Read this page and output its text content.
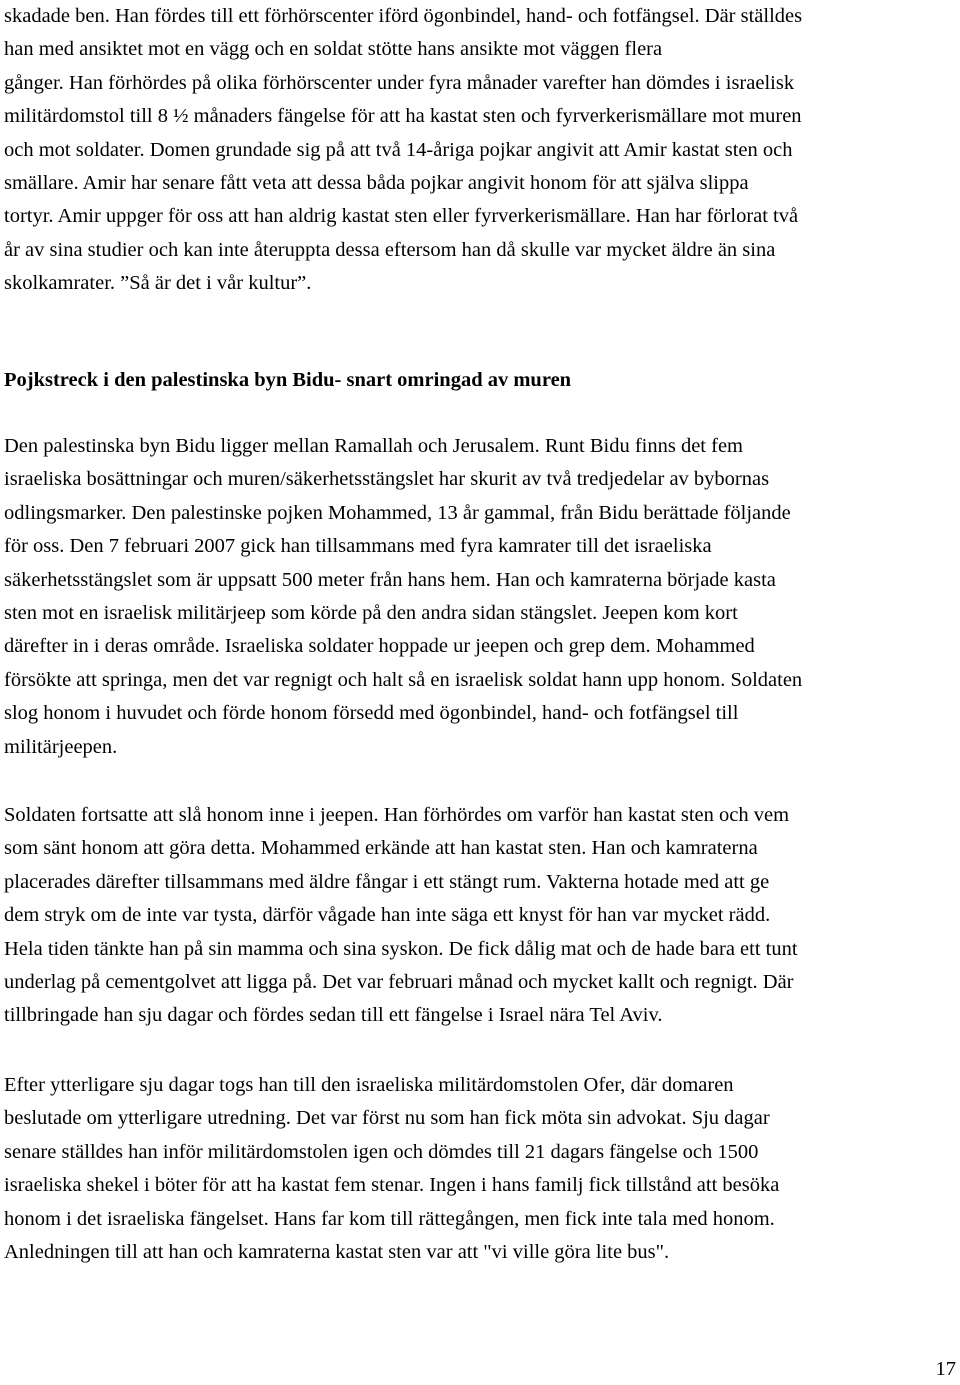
skadade ben. Han fördes till ett förhörscenter iförd ögonbindel, hand- och fotfängsel. Där ställdes
han med ansiktet mot en vägg och en soldat stötte hans ansikte mot väggen flera
gånger. Han förhördes på olika förhörscenter under fyra månader varefter han dömdes i israelisk
militärdomstol till 8 ½ månaders fängelse för att ha kastat sten och fyrverkerismällare mot muren
och mot soldater. Domen grundade sig på att två 14-åriga pojkar angivit att Amir kastat sten och
smällare. Amir har senare fått veta att dessa båda pojkar angivit honom för att själva slippa
tortyr. Amir uppger för oss att han aldrig kastat sten eller fyrverkerismällare. Han har förlorat två
år av sina studier och kan inte återuppta dessa eftersom han då skulle var mycket äldre än sina
skolkamrater. ”Så är det i vår kultur”.
Pojkstreck i den palestinska byn Bidu- snart omringad av muren
Den palestinska byn Bidu ligger mellan Ramallah och Jerusalem. Runt Bidu finns det fem
israeliska bosättningar och muren/säkerhetsstängslet har skurit av två tredjedelar av bybornas
odlingsmarker. Den palestinske pojken Mohammed, 13 år gammal, från Bidu berättade följande
för oss. Den 7 februari 2007 gick han tillsammans med fyra kamrater till det israeliska
säkerhetsstängslet som är uppsatt 500 meter från hans hem. Han och kamraterna började kasta
sten mot en israelisk militärjeep som körde på den andra sidan stängslet. Jeepen kom kort
därefter in i deras område. Israeliska soldater hoppade ur jeepen och grep dem. Mohammed
försökte att springa, men det var regnigt och halt så en israelisk soldat hann upp honom. Soldaten
slog honom i huvudet och förde honom försedd med ögonbindel, hand- och fotfängsel till
militärjeepen.
Soldaten fortsatte att slå honom inne i jeepen. Han förhördes om varför han kastat sten och vem
som sänt honom att göra detta. Mohammed erkände att han kastat sten. Han och kamraterna
placerades därefter tillsammans med äldre fångar i ett stängt rum. Vakterna hotade med att ge
dem stryk om de inte var tysta, därför vågade han inte säga ett knyst för han var mycket rädd.
Hela tiden tänkte han på sin mamma och sina syskon. De fick dålig mat och de hade bara ett tunt
underlag på cementgolvet att ligga på. Det var februari månad och mycket kallt och regnigt. Där
tillbringade han sju dagar och fördes sedan till ett fängelse i Israel nära Tel Aviv.
Efter ytterligare sju dagar togs han till den israeliska militärdomstolen Ofer, där domaren
beslutade om ytterligare utredning. Det var först nu som han fick möta sin advokat. Sju dagar
senare ställdes han inför militärdomstolen igen och dömdes till 21 dagars fängelse och 1500
israeliska shekel i böter för att ha kastat fem stenar. Ingen i hans familj fick tillstånd att besöka
honom i det israeliska fängelset. Hans far kom till rättegången, men fick inte tala med honom.
Anledningen till att han och kamraterna kastat sten var att "vi ville göra lite bus".
17
